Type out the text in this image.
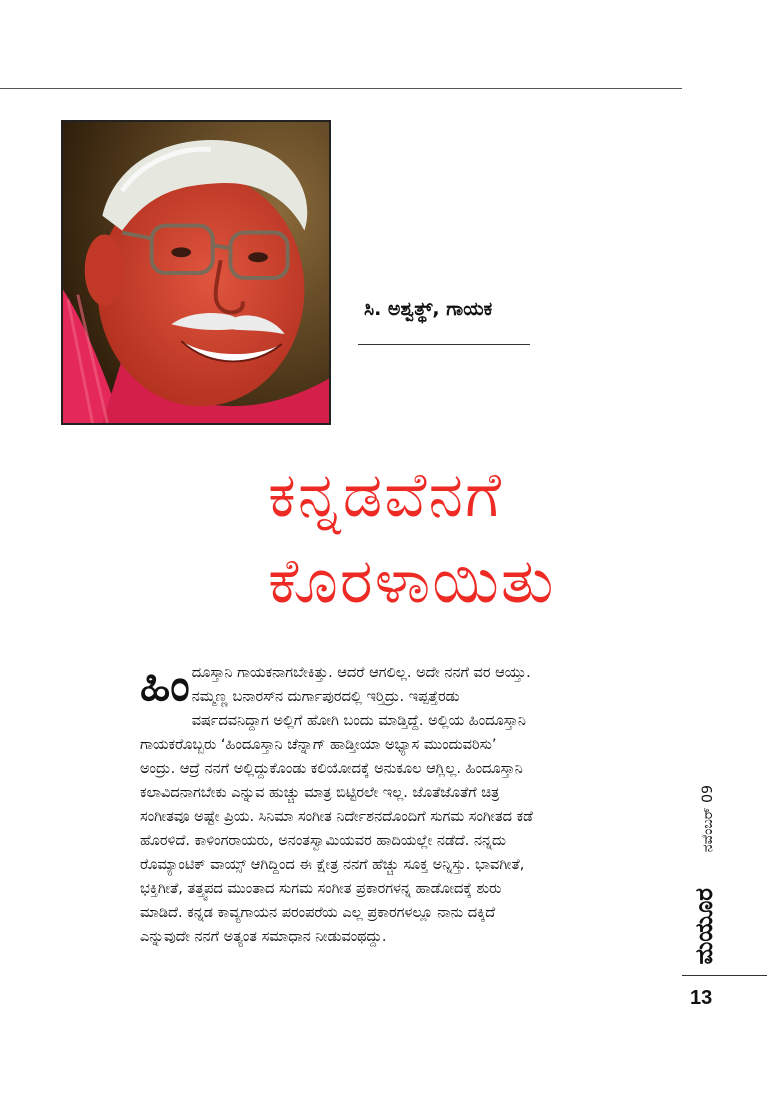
ಸಿ. ಅಶ್ವತ್ಥ್, ಗಾಯಕ
ಕನ್ನಡವೆನಗೆ
ಕೊರಳಾಯಿತು
ಹಿಂ ದೂಸ್ತಾನಿ ಗಾಯಕನಾಗಬೇಕಿತ್ತು. ಆದರೆ ಆಗಲಿಲ್ಲ. ಅದೇ ನನಗೆ ವರ ಆಯ್ತು.
ನಮ್ಮಣ್ಣ ಬನಾರಸ್‍ನ ದುರ್ಗಾಪುರದಲ್ಲಿ ಇರ್‍ತಿದ್ರು. ಇಪ್ಪತ್ತೆರಡು
ವರ್ಷದವನಿದ್ದಾಗ ಅಲ್ಲಿಗೆ ಹೋಗಿ ಬಂದು ಮಾಡ್ತಿದ್ದೆ. ಅಲ್ಲಿಯ ಹಿಂದೂಸ್ತಾನಿ
ಗಾಯಕರೊಬ್ಬರು ‘ಹಿಂದೂಸ್ತಾನಿ ಚೆನ್ನಾಗ್ ಹಾಡ್ತೀಯಾ ಅಭ್ಯಾಸ ಮುಂದುವರಿಸು’
ಅಂದ್ರು. ಆದ್ರೆ ನನಗೆ ಅಲ್ಲಿದ್ದುಕೊಂಡು ಕಲಿಯೋದಕ್ಕೆ ಅನುಕೂಲ ಆಗ್ಲಿಲ್ಲ. ಹಿಂದೂಸ್ತಾನಿ
ಕಲಾವಿದನಾಗಬೇಕು ಎನ್ನುವ ಹುಚ್ಚು ಮಾತ್ರ ಬಿಟ್ಟಿರಲೇ ಇಲ್ಲ. ಜೊತೆಜೊತೆಗೆ ಚಿತ್ರ
ಸಂಗೀತವೂ ಅಷ್ಟೇ ಪ್ರಿಯ. ಸಿನಿಮಾ ಸಂಗೀತ ನಿರ್ದೇಶನದೊಂದಿಗೆ ಸುಗಮ ಸಂಗೀತದ ಕಡೆ
ಹೊರಳಿದೆ. ಕಾಳಿಂಗರಾಯರು, ಅನಂತಸ್ವಾಮಿಯವರ ಹಾದಿಯಲ್ಲೇ ನಡೆದೆ. ನನ್ನದು
ರೊಮ್ಯಾಂಟಿಕ್ ವಾಯ್ಸ್ ಆಗಿದ್ದಿಂದ ಈ ಕ್ಷೇತ್ರ ನನಗೆ ಹೆಚ್ಚು ಸೂಕ್ತ ಅನ್ನಿಸ್ತು. ಭಾವಗೀತೆ,
ಭಕ್ತಿಗೀತೆ, ತತ್ತ್ವಪದ ಮುಂತಾದ ಸುಗಮ ಸಂಗೀತ ಪ್ರಕಾರಗಳನ್ನ ಹಾಡೋದಕ್ಕೆ ಶುರು
ಮಾಡಿದೆ. ಕನ್ನಡ ಕಾವ್ಯಗಾಯನ ಪರಂಪರೆಯ ಎಲ್ಲ ಪ್ರಕಾರಗಳಲ್ಲೂ ನಾನು ದಕ್ಕಿದೆ
ಎನ್ನುವುದೇ ನನಗೆ ಅತ್ಯಂತ ಸಮಾಧಾನ ನೀಡುವಂಥದ್ದು.
ನವೆಂಬರ್ 09
ಮಯೂರ
13
